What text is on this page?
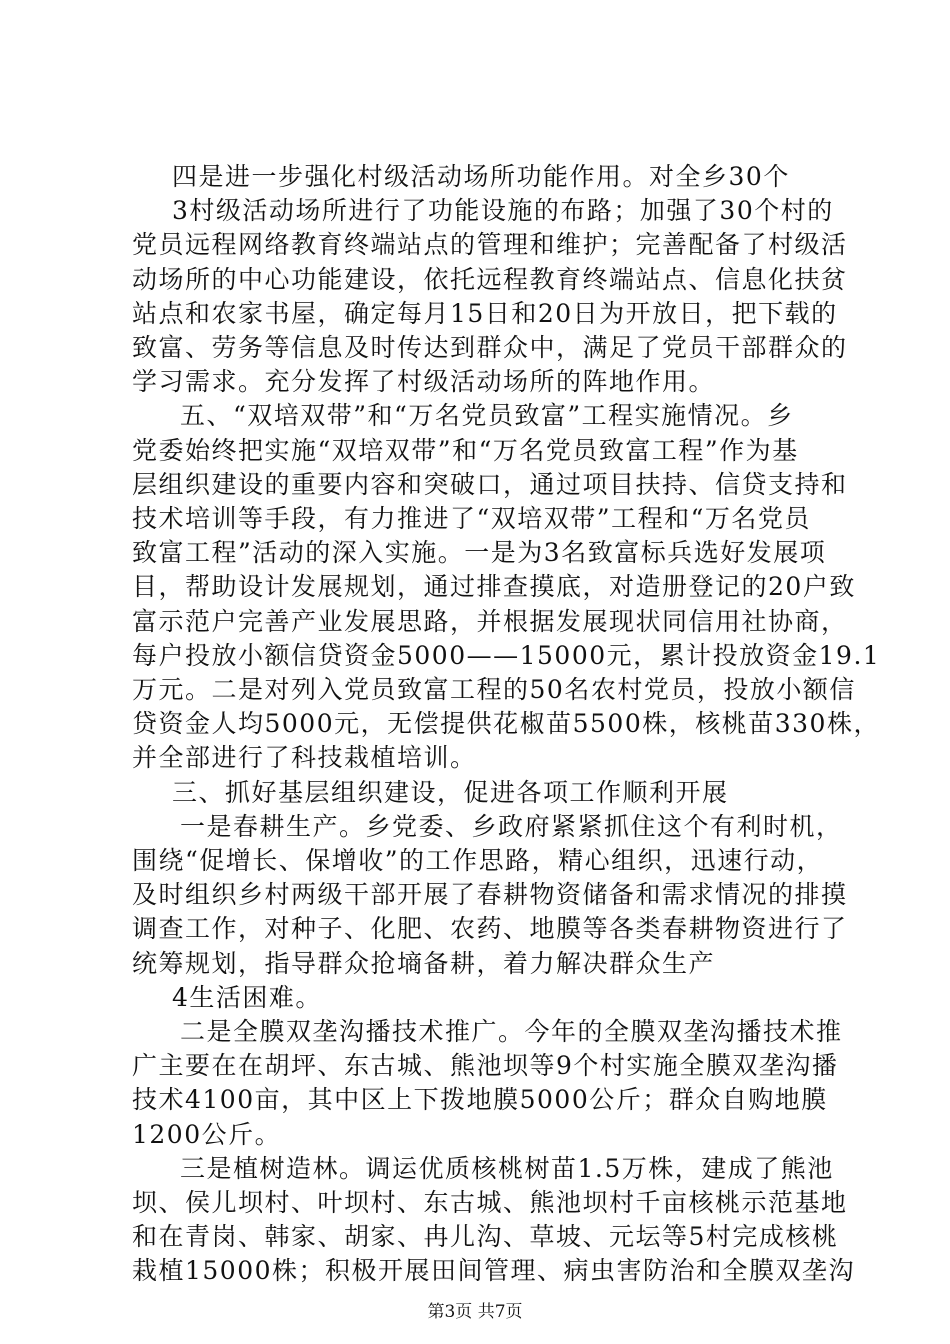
四是进一步强化村级活动场所功能作用。对全乡30个

3村级活动场所进行了功能设施的布路；加强了30个村的

党员远程网络教育终端站点的管理和维护；完善配备了村级活

动场所的中心功能建设，依托远程教育终端站点、信息化扶贫

站点和农家书屋，确定每月15日和20日为开放日，把下载的

致富、劳务等信息及时传达到群众中，满足了党员干部群众的

学习需求。充分发挥了村级活动场所的阵地作用。

五、“双培双带”和“万名党员致富”工程实施情况。乡

党委始终把实施“双培双带”和“万名党员致富工程”作为基

层组织建设的重要内容和突破口，通过项目扶持、信贷支持和

技术培训等手段，有力推进了“双培双带”工程和“万名党员

致富工程”活动的深入实施。一是为3名致富标兵选好发展项

目，帮助设计发展规划，通过排查摸底，对造册登记的20户致

富示范户完善产业发展思路，并根据发展现状同信用社协商，

每户投放小额信贷资金5000——15000元，累计投放资金19.1

万元。二是对列入党员致富工程的50名农村党员，投放小额信

贷资金人均5000元，无偿提供花椒苗5500株，核桃苗330株，

并全部进行了科技栽植培训。

三、抓好基层组织建设，促进各项工作顺利开展

一是春耕生产。乡党委、乡政府紧紧抓住这个有利时机，

围绕“促增长、保增收”的工作思路，精心组织，迅速行动，

及时组织乡村两级干部开展了春耕物资储备和需求情况的排摸

调查工作，对种子、化肥、农药、地膜等各类春耕物资进行了

统筹规划，指导群众抢墒备耕，着力解决群众生产

4生活困难。

二是全膜双垄沟播技术推广。今年的全膜双垄沟播技术推

广主要在在胡坪、东古城、熊池坝等9个村实施全膜双垄沟播

技术4100亩，其中区上下拨地膜5000公斤；群众自购地膜

1200公斤。

三是植树造林。调运优质核桃树苗1.5万株，建成了熊池

坝、侯儿坝村、叶坝村、东古城、熊池坝村千亩核桃示范基地

和在青岗、韩家、胡家、冉儿沟、草坡、元坛等5村完成核桃

栽植15000株；积极开展田间管理、病虫害防治和全膜双垄沟

第3页 共7页
